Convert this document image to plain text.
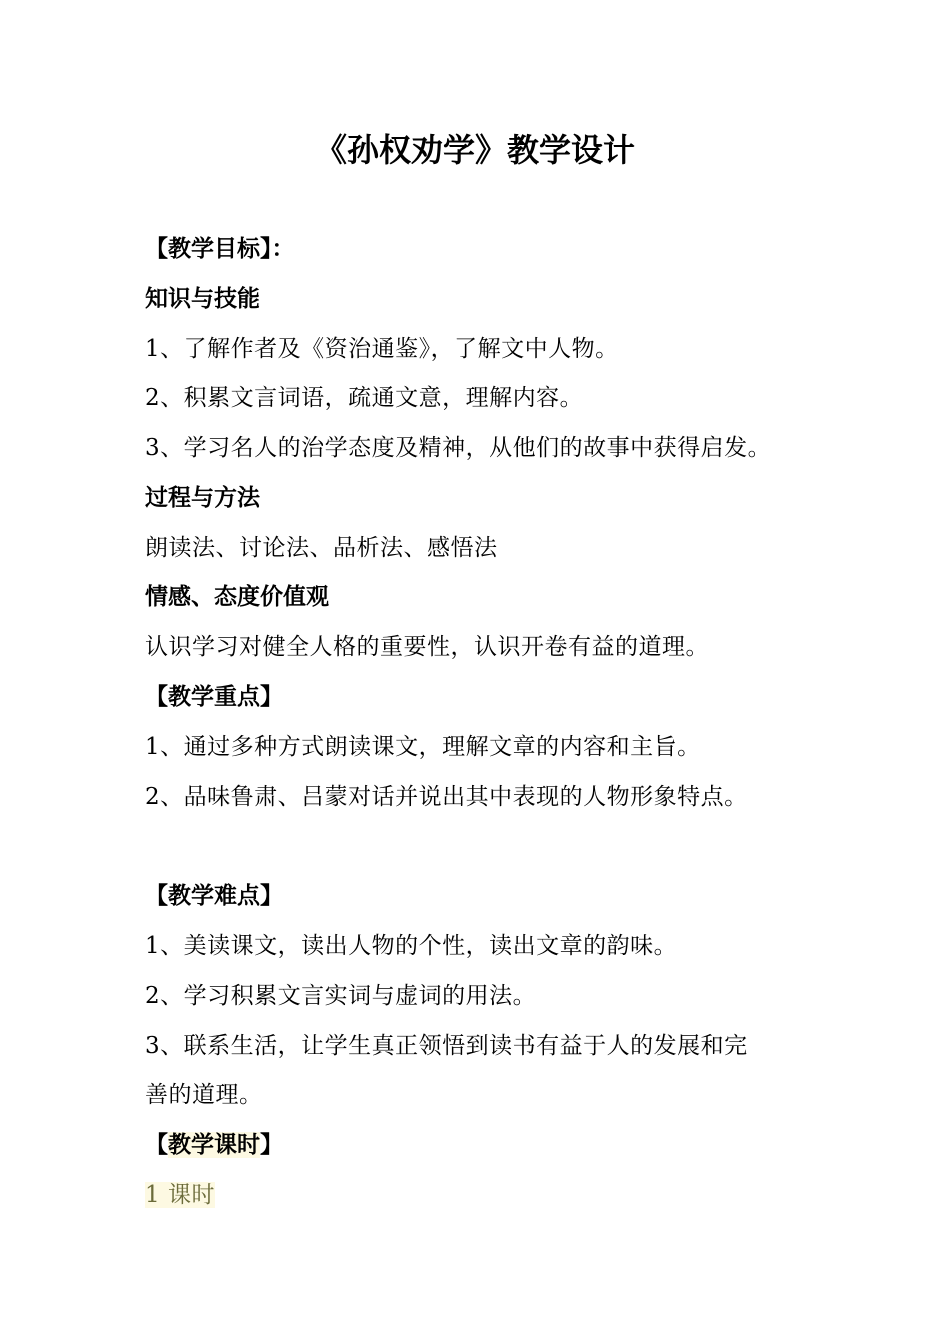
《孙权劝学》教学设计

【教学目标】：

知识与技能

1、了解作者及《资治通鉴》，了解文中人物。

2、积累文言词语，疏通文意，理解内容。

3、学习名人的治学态度及精神，从他们的故事中获得启发。

过程与方法

朗读法、讨论法、品析法、感悟法

情感、态度价值观

认识学习对健全人格的重要性，认识开卷有益的道理。

【教学重点】

1、通过多种方式朗读课文，理解文章的内容和主旨。

2、品味鲁肃、吕蒙对话并说出其中表现的人物形象特点。

【教学难点】

1、美读课文，读出人物的个性，读出文章的韵味。

2、学习积累文言实词与虚词的用法。

3、联系生活，让学生真正领悟到读书有益于人的发展和完

善的道理。

【教学课时】

1 课时
